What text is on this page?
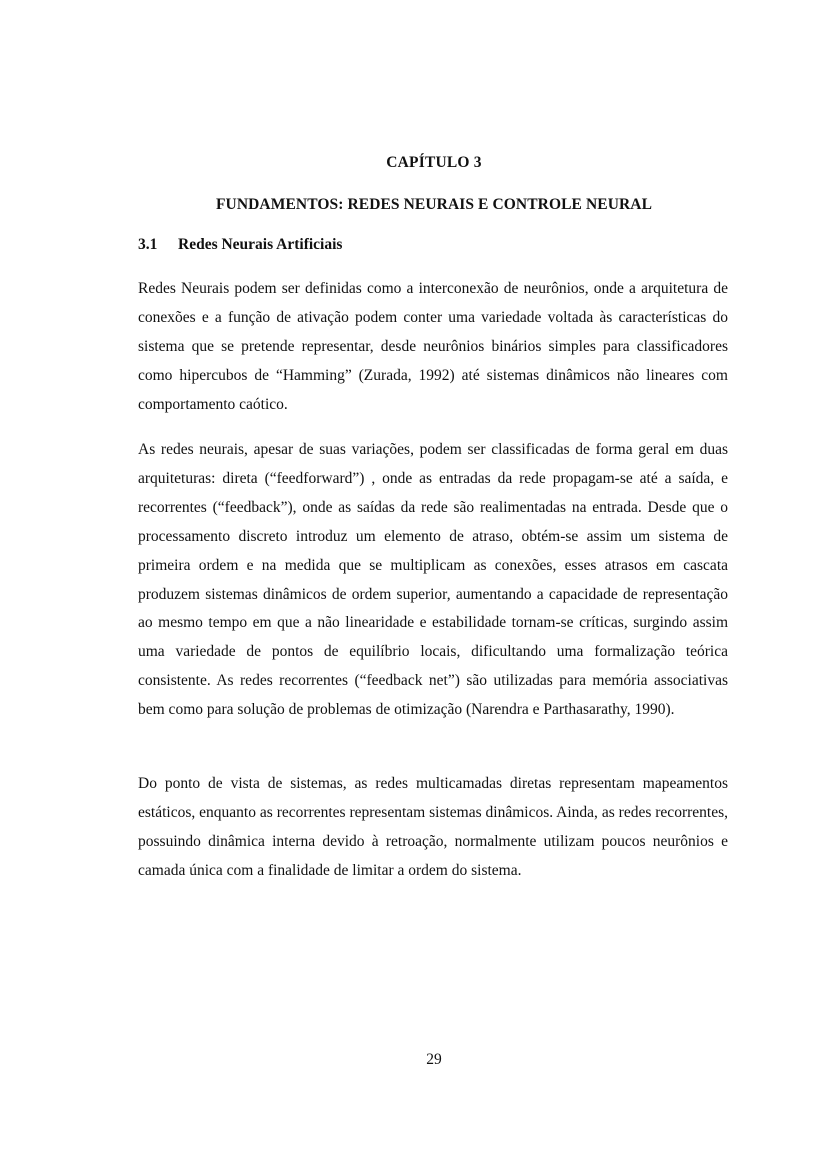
CAPÍTULO 3
FUNDAMENTOS: REDES NEURAIS E CONTROLE NEURAL
3.1 Redes Neurais Artificiais

Redes Neurais podem ser definidas como a interconexão de neurônios, onde a arquitetura de conexões e a função de ativação podem conter uma variedade voltada às características do sistema que se pretende representar, desde neurônios binários simples para classificadores como hipercubos de “Hamming” (Zurada, 1992) até sistemas dinâmicos não lineares com comportamento caótico.

As redes neurais, apesar de suas variações, podem ser classificadas de forma geral em duas arquiteturas: direta (“feedforward”) , onde as entradas da rede propagam-se até a saída, e recorrentes (“feedback”), onde as saídas da rede são realimentadas na entrada. Desde que o processamento discreto introduz um elemento de atraso, obtém-se assim um sistema de primeira ordem e na medida que se multiplicam as conexões, esses atrasos em cascata produzem sistemas dinâmicos de ordem superior, aumentando a capacidade de representação ao mesmo tempo em que a não linearidade e estabilidade tornam-se críticas, surgindo assim uma variedade de pontos de equilíbrio locais, dificultando uma formalização teórica consistente. As redes recorrentes (“feedback net”) são utilizadas para memória associativas bem como para solução de problemas de otimização (Narendra e Parthasarathy, 1990).

Do ponto de vista de sistemas, as redes multicamadas diretas representam mapeamentos estáticos, enquanto as recorrentes representam sistemas dinâmicos. Ainda, as redes recorrentes, possuindo dinâmica interna devido à retroação, normalmente utilizam poucos neurônios e camada única com a finalidade de limitar a ordem do sistema.

29
